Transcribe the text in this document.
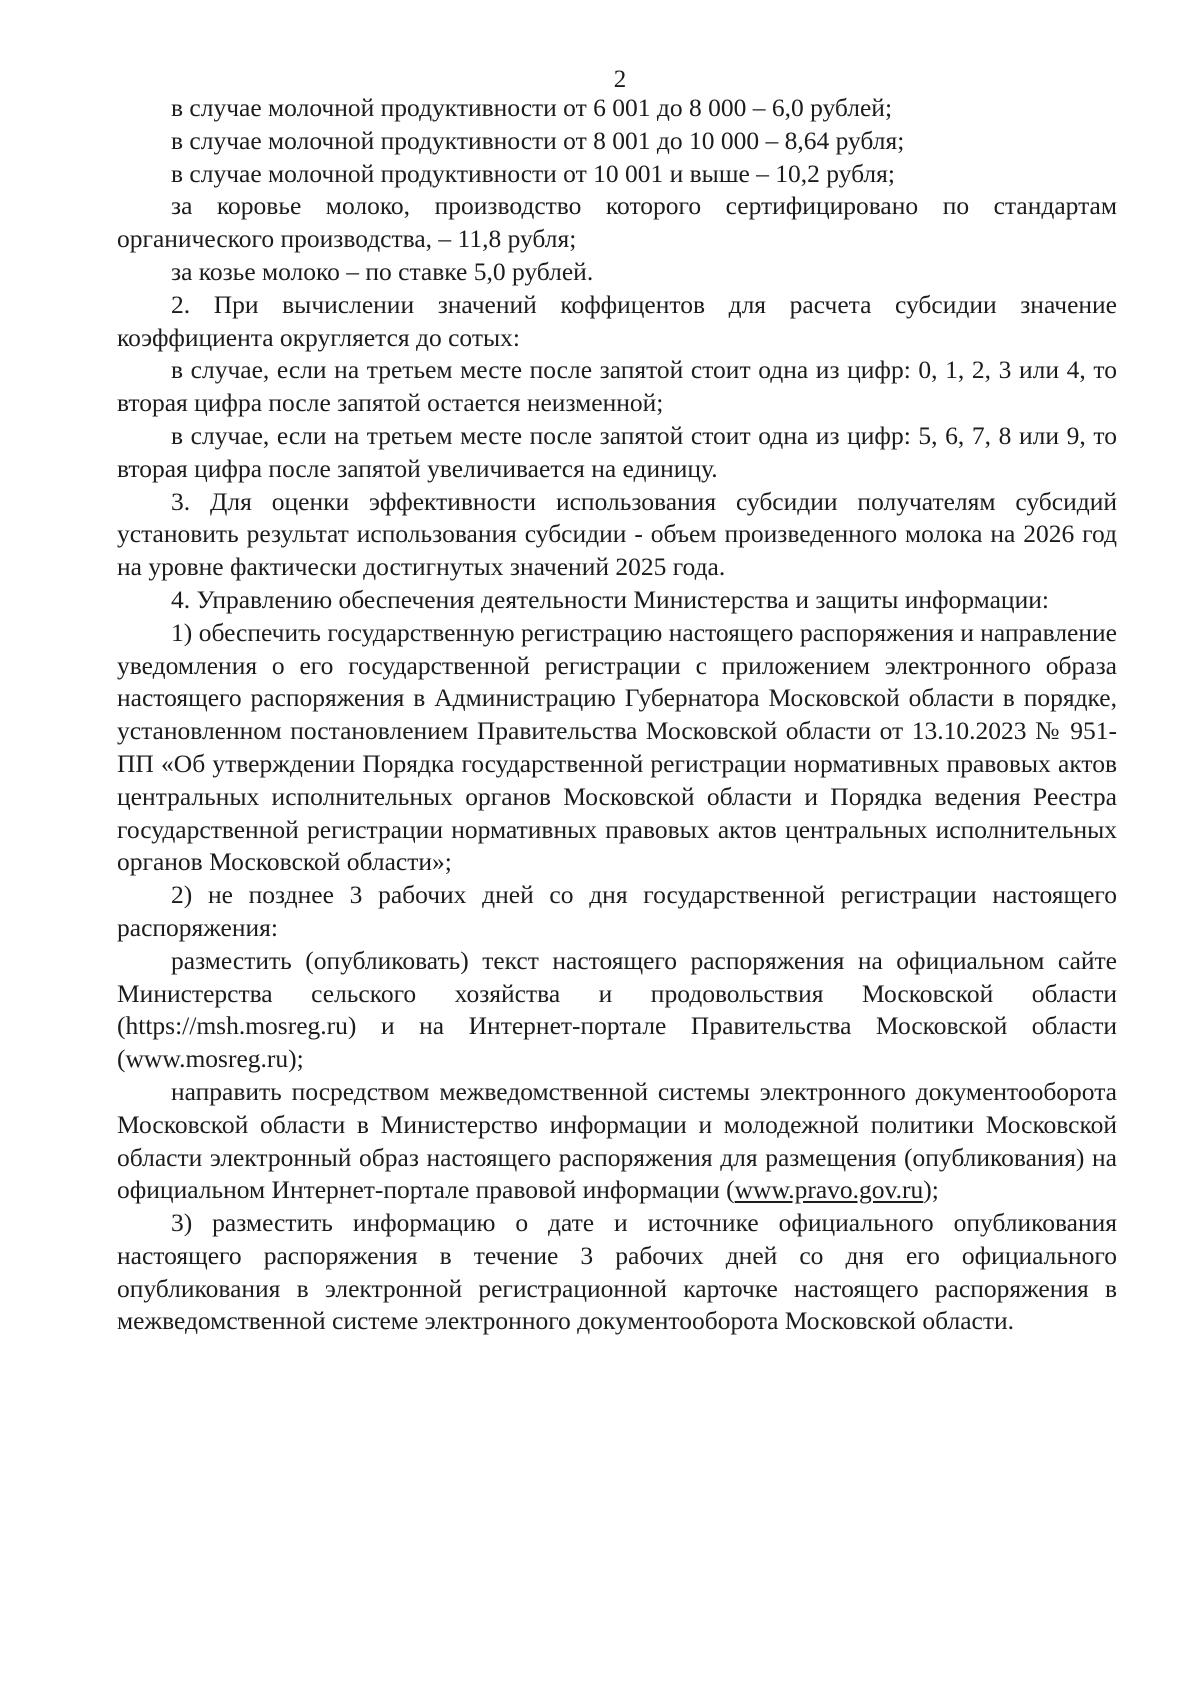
2

в случае молочной продуктивности от 6 001 до 8 000 – 6,0 рублей;

в случае молочной продуктивности от 8 001 до 10 000 – 8,64 рубля;

в случае молочной продуктивности от 10 001 и выше – 10,2 рубля;

за коровье молоко, производство которого сертифицировано по стандартам органического производства, – 11,8 рубля;

за козье молоко – по ставке 5,0 рублей.

2. При вычислении значений коффицентов для расчета субсидии значение коэффициента округляется до сотых:

в случае, если на третьем месте после запятой стоит одна из цифр: 0, 1, 2, 3 или 4, то вторая цифра после запятой остается неизменной;

в случае, если на третьем месте после запятой стоит одна из цифр: 5, 6, 7, 8 или 9, то вторая цифра после запятой увеличивается на единицу.

3. Для оценки эффективности использования субсидии получателям субсидий установить результат использования субсидии - объем произведенного молока на 2026 год на уровне фактически достигнутых значений 2025 года.

4. Управлению обеспечения деятельности Министерства и защиты информации:

1) обеспечить государственную регистрацию настоящего распоряжения и направление уведомления о его государственной регистрации с приложением электронного образа настоящего распоряжения в Администрацию Губернатора Московской области в порядке, установленном постановлением Правительства Московской области от 13.10.2023 № 951-ПП «Об утверждении Порядка государственной регистрации нормативных правовых актов центральных исполнительных органов Московской области и Порядка ведения Реестра государственной регистрации нормативных правовых актов центральных исполнительных органов Московской области»;

2) не позднее 3 рабочих дней со дня государственной регистрации настоящего распоряжения:

разместить (опубликовать) текст настоящего распоряжения на официальном сайте Министерства сельского хозяйства и продовольствия Московской области (https://msh.mosreg.ru) и на Интернет-портале Правительства Московской области (www.mosreg.ru);

направить посредством межведомственной системы электронного документооборота Московской области в Министерство информации и молодежной политики Московской области электронный образ настоящего распоряжения для размещения (опубликования) на официальном Интернет-портале правовой информации (www.pravo.gov.ru);

3) разместить информацию о дате и источнике официального опубликования настоящего распоряжения в течение 3 рабочих дней со дня его официального опубликования в электронной регистрационной карточке настоящего распоряжения в межведомственной системе электронного документооборота Московской области.
